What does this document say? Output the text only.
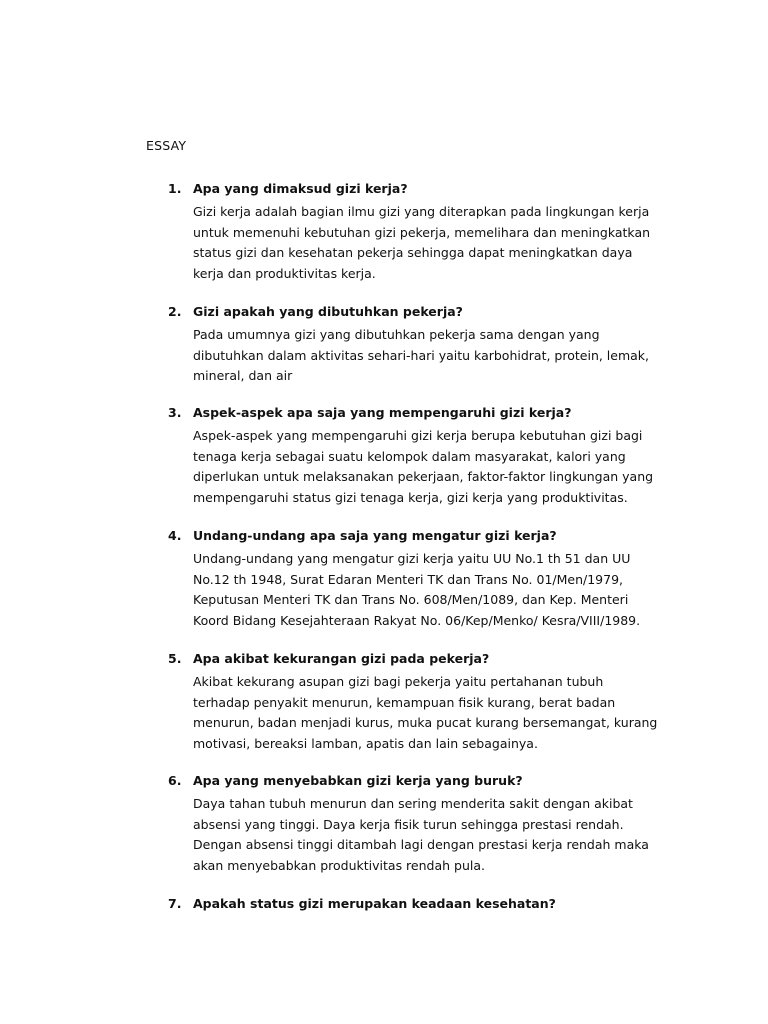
ESSAY
1. Apa yang dimaksud gizi kerja?
Gizi kerja adalah bagian ilmu gizi yang diterapkan pada lingkungan kerja
untuk memenuhi kebutuhan gizi pekerja, memelihara dan meningkatkan
status gizi dan kesehatan pekerja sehingga dapat meningkatkan daya
kerja dan produktivitas kerja.
2. Gizi apakah yang dibutuhkan pekerja?
Pada umumnya gizi yang dibutuhkan pekerja sama dengan yang
dibutuhkan dalam aktivitas sehari-hari yaitu karbohidrat, protein, lemak,
mineral, dan air
3. Aspek-aspek apa saja yang mempengaruhi gizi kerja?
Aspek-aspek yang mempengaruhi gizi kerja berupa kebutuhan gizi bagi
tenaga kerja sebagai suatu kelompok dalam masyarakat, kalori yang
diperlukan untuk melaksanakan pekerjaan, faktor-faktor lingkungan yang
mempengaruhi status gizi tenaga kerja, gizi kerja yang produktivitas.
4. Undang-undang apa saja yang mengatur gizi kerja?
Undang-undang yang mengatur gizi kerja yaitu UU No.1 th 51 dan UU
No.12 th 1948, Surat Edaran Menteri TK dan Trans No. 01/Men/1979,
Keputusan Menteri TK dan Trans No. 608/Men/1089, dan Kep. Menteri
Koord Bidang Kesejahteraan Rakyat No. 06/Kep/Menko/ Kesra/VIII/1989.
5. Apa akibat kekurangan gizi pada pekerja?
Akibat kekurang asupan gizi bagi pekerja yaitu pertahanan tubuh
terhadap penyakit menurun, kemampuan fisik kurang, berat badan
menurun, badan menjadi kurus, muka pucat kurang bersemangat, kurang
motivasi, bereaksi lamban, apatis dan lain sebagainya.
6. Apa yang menyebabkan gizi kerja yang buruk?
Daya tahan tubuh menurun dan sering menderita sakit dengan akibat
absensi yang tinggi. Daya kerja fisik turun sehingga prestasi rendah.
Dengan absensi tinggi ditambah lagi dengan prestasi kerja rendah maka
akan menyebabkan produktivitas rendah pula.
7. Apakah status gizi merupakan keadaan kesehatan?
